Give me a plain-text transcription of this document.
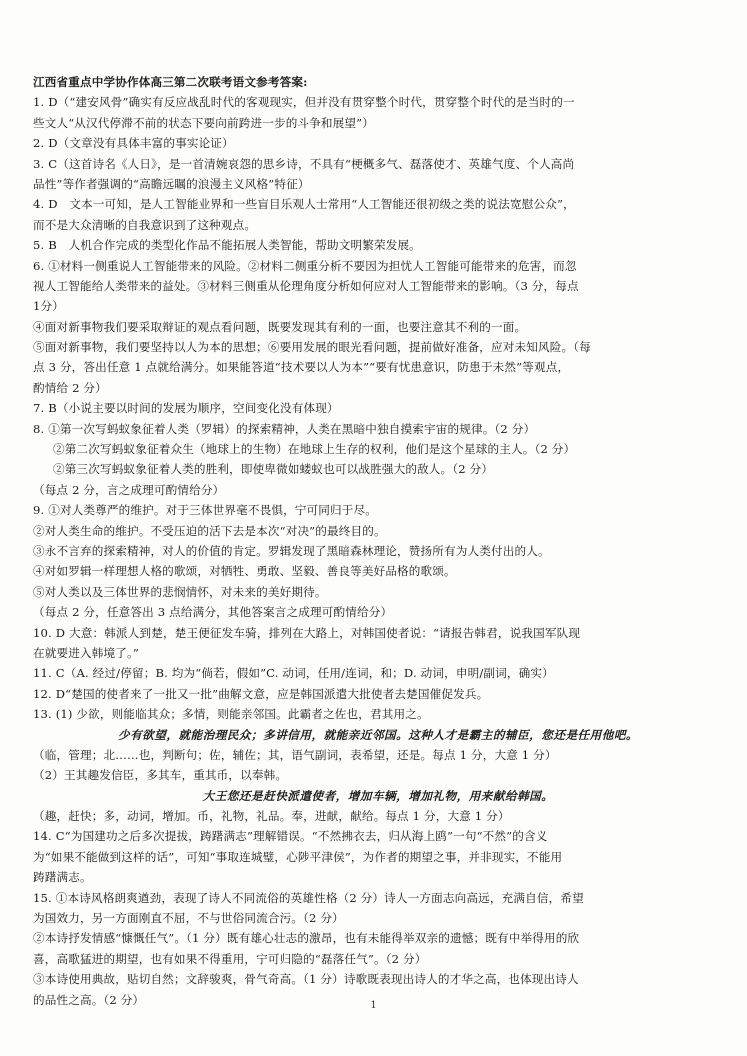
江西省重点中学协作体高三第二次联考语文参考答案:
1. D（“建安风骨”确实有反应战乱时代的客观现实，但并没有贯穿整个时代，贯穿整个时代的是当时的一
些文人“从汉代停滞不前的状态下要向前跨进一步的斗争和展望”）
2. D（文章没有具体丰富的事实论证）
3. C（这首诗名《人日》，是一首清婉哀怨的思乡诗，不具有“梗概多气、磊落使才、英雄气度、个人高尚
品性”等作者强调的“高瞻远瞩的浪漫主义风格”特征）
4. D　文本一可知，是人工智能业界和一些盲目乐观人士常用“人工智能还很初级之类的说法宽慰公众”，
而不是大众清晰的自我意识到了这种观点。
5. B　人机合作完成的类型化作品不能拓展人类智能，帮助文明繁荣发展。
6. ①材料一侧重说人工智能带来的风险。②材料二侧重分析不要因为担忧人工智能可能带来的危害，而忽
视人工智能给人类带来的益处。③材料三侧重从伦理角度分析如何应对人工智能带来的影响。（3 分，每点
1分）
④面对新事物我们要采取辩证的观点看问题，既要发现其有利的一面，也要注意其不利的一面。
⑤面对新事物，我们要坚持以人为本的思想；⑥要用发展的眼光看问题，提前做好准备，应对未知风险。（每
点 3 分，答出任意 1 点就给满分。如果能答道“技术要以人为本”“要有忧患意识，防患于未然”等观点，
酌情给 2 分）
7. B（小说主要以时间的发展为顺序，空间变化没有体现）
8. ①第一次写蚂蚁象征着人类（罗辑）的探索精神，人类在黑暗中独自摸索宇宙的规律。（2 分）
②第二次写蚂蚁象征着众生（地球上的生物）在地球上生存的权利，他们是这个星球的主人。（2 分）
②第三次写蚂蚁象征着人类的胜利，即使卑微如蝼蚁也可以战胜强大的敌人。（2 分）
（每点 2 分，言之成理可酌情给分）
9. ①对人类尊严的维护。对于三体世界毫不畏惧，宁可同归于尽。
②对人类生命的维护。不受压迫的活下去是本次“对决”的最终目的。
③永不言弃的探索精神，对人的价值的肯定。罗辑发现了黑暗森林理论，赞扬所有为人类付出的人。
④对如罗辑一样理想人格的歌颂，对牺牲、勇敢、坚毅、善良等美好品格的歌颂。
⑤对人类以及三体世界的悲悯情怀，对未来的美好期待。
（每点 2 分，任意答出 3 点给满分，其他答案言之成理可酌情给分）
10. D 大意：韩派人到楚，楚王便征发车骑，排列在大路上，对韩国使者说：“请报告韩君，说我国军队现
在就要进入韩境了。”
11. C（A. 经过/停留；B. 均为“倘若，假如”C. 动词，任用/连词，和；D. 动词，申明/副词，确实）
12. D“楚国的使者来了一批又一批”曲解文意，应是韩国派遣大批使者去楚国催促发兵。
13. (1) 少欲，则能临其众；多情，则能亲邻国。此霸者之佐也，君其用之。
少有欲望，就能治理民众；多讲信用，就能亲近邻国。这种人才是霸主的辅臣，您还是任用他吧。
（临，管理；北……也，判断句；佐，辅佐；其，语气副词，表希望，还是。每点 1 分，大意 1 分）
（2）王其趣发信臣，多其车，重其币，以奉韩。
大王您还是赶快派遣使者，增加车辆，增加礼物，用来献给韩国。
（趣，赶快；多，动词，增加。币，礼物，礼品。奉，进献，献给。每点 1 分，大意 1 分）
14. C“为国建功之后多次提拔，踌躇满志”理解错误。“不然拂衣去，归从海上鸥”一句“不然”的含义
为“如果不能做到这样的话”，可知“事取连城璧，心陟平津侯”，为作者的期望之事，并非现实，不能用
踌躇满志。
15. ①本诗风格朗爽遒劲，表现了诗人不同流俗的英雄性格（2 分）诗人一方面志向高远，充满自信，希望
为国效力，另一方面刚直不屈，不与世俗同流合污。（2 分）
②本诗抒发情感“慷慨任气”。（1 分）既有雄心壮志的激昂，也有未能得举双亲的遗憾；既有中举得用的欣
喜，高歌猛进的期望，也有如果不得重用，宁可归隐的“磊落任气”。（2 分）
③本诗使用典故，贴切自然；文辞骏爽，骨气奇高。（1 分）诗歌既表现出诗人的才华之高，也体现出诗人
的品性之高。（2 分）	1
